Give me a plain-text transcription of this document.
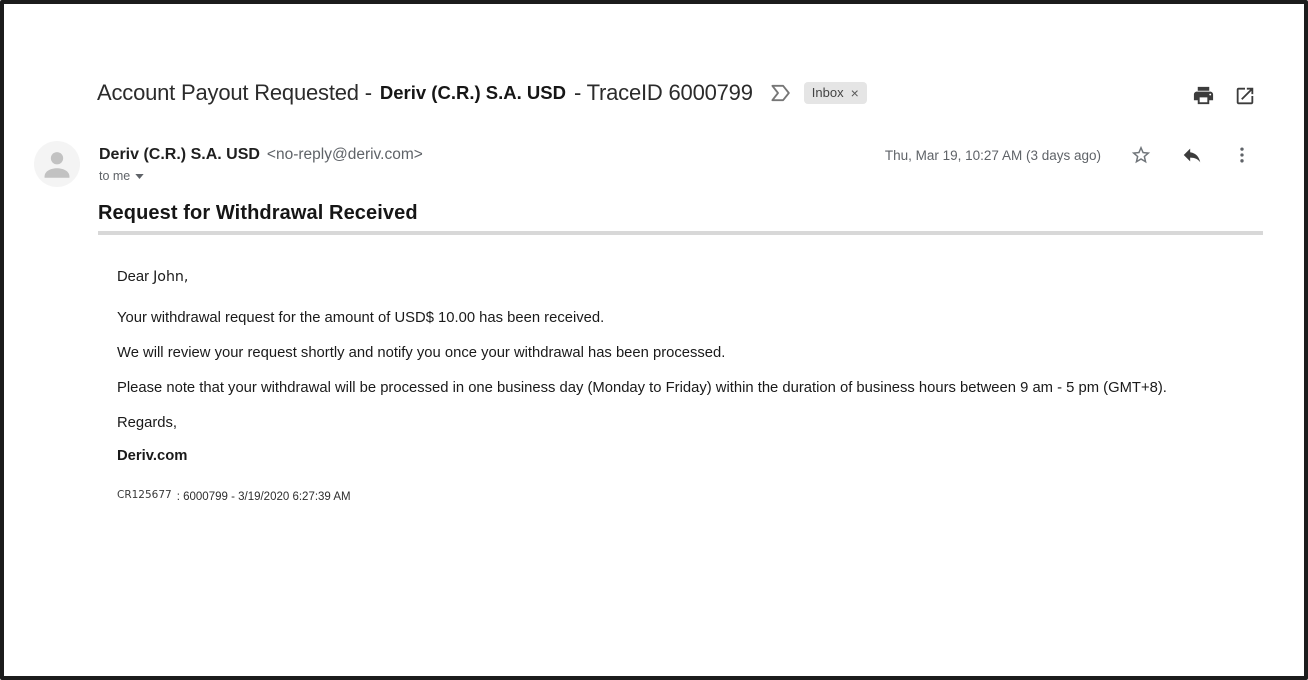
Account Payout Requested - Deriv (C.R.) S.A. USD - TraceID 6000799	Inbox ×
Deriv (C.R.) S.A. USD <no-reply@deriv.com>
to me
Thu, Mar 19, 10:27 AM (3 days ago)
Request for Withdrawal Received

Dear John,

Your withdrawal request for the amount of USD$ 10.00 has been received.

We will review your request shortly and notify you once your withdrawal has been processed.

Please note that your withdrawal will be processed in one business day (Monday to Friday) within the duration of business hours between 9 am - 5 pm (GMT+8).

Regards,

Deriv.com

CR125677 : 6000799 - 3/19/2020 6:27:39 AM
